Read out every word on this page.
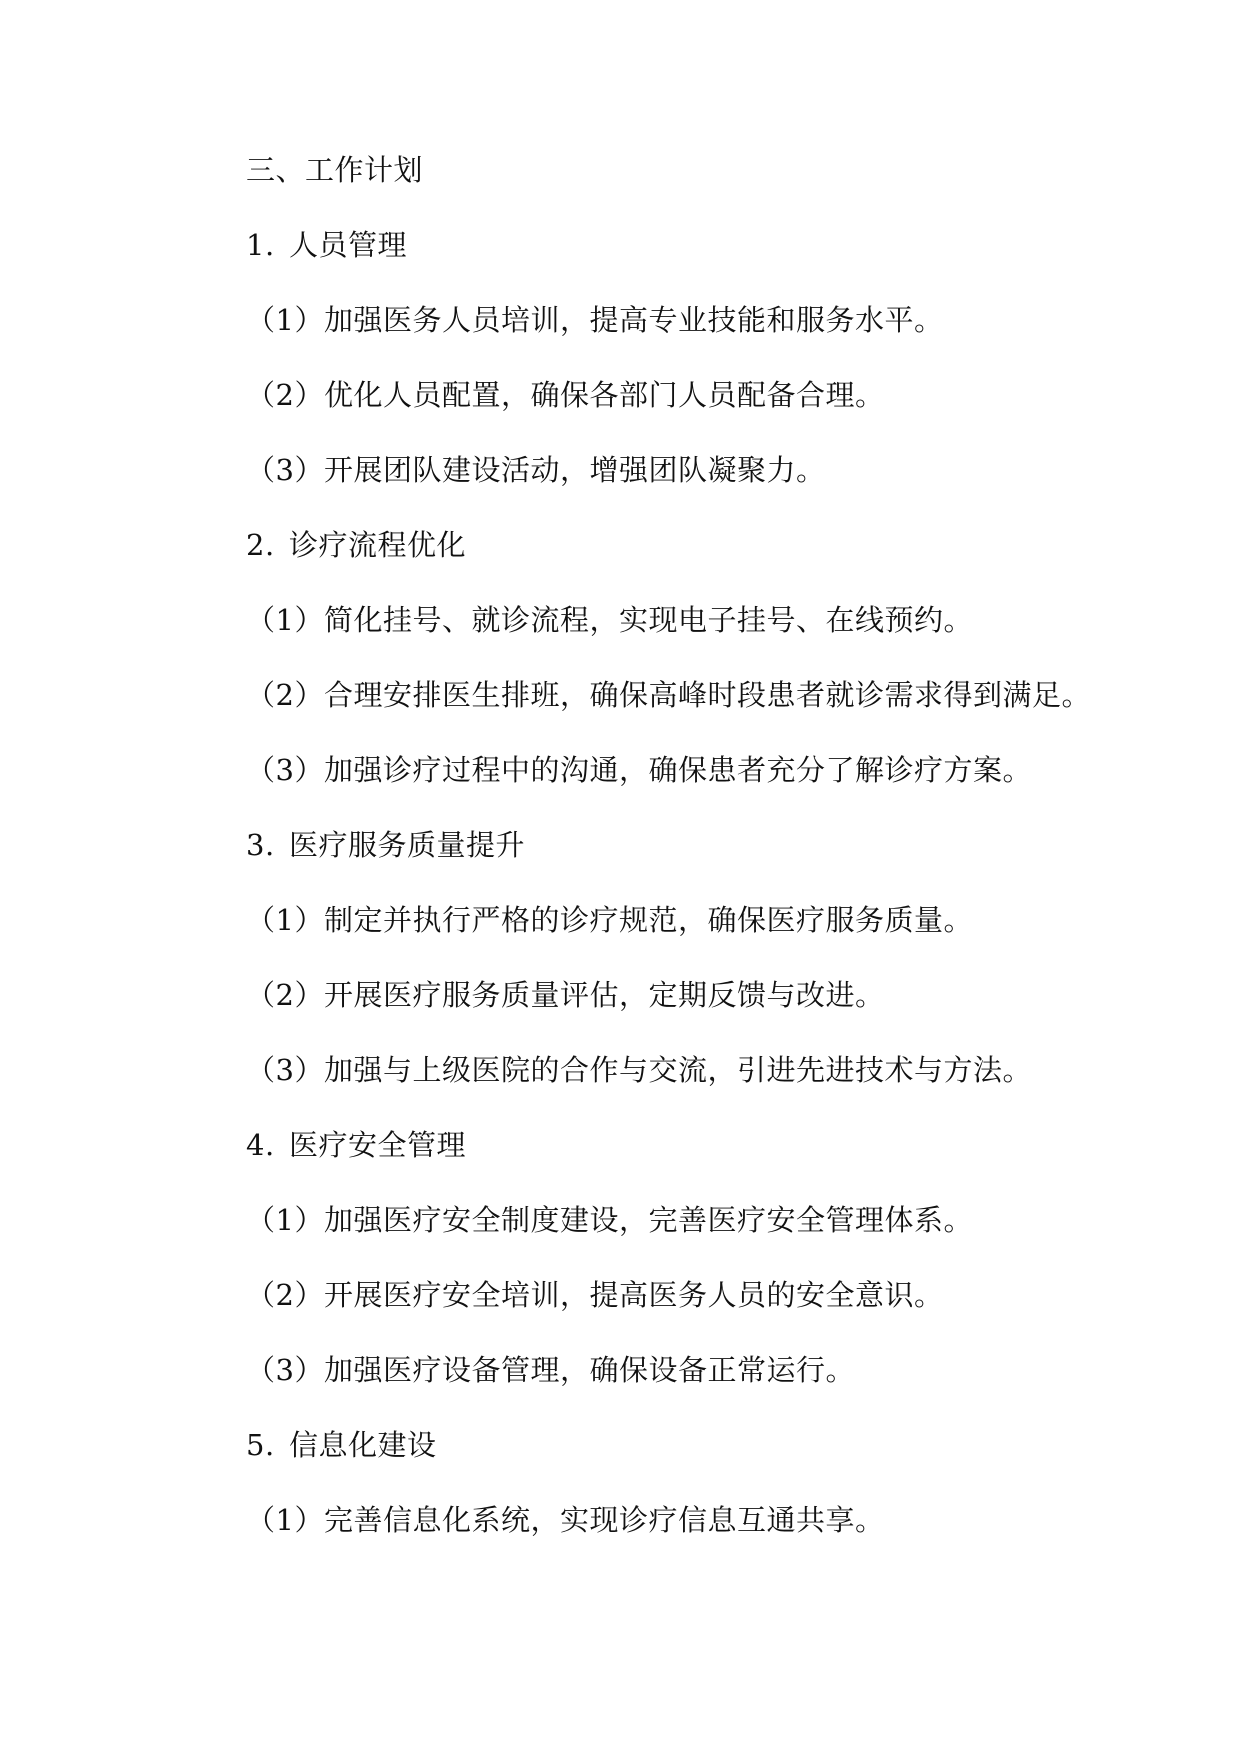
三、工作计划
1. 人员管理
（1）加强医务人员培训，提高专业技能和服务水平。
（2）优化人员配置，确保各部门人员配备合理。
（3）开展团队建设活动，增强团队凝聚力。
2. 诊疗流程优化
（1）简化挂号、就诊流程，实现电子挂号、在线预约。
（2）合理安排医生排班，确保高峰时段患者就诊需求得到满足。
（3）加强诊疗过程中的沟通，确保患者充分了解诊疗方案。
3. 医疗服务质量提升
（1）制定并执行严格的诊疗规范，确保医疗服务质量。
（2）开展医疗服务质量评估，定期反馈与改进。
（3）加强与上级医院的合作与交流，引进先进技术与方法。
4. 医疗安全管理
（1）加强医疗安全制度建设，完善医疗安全管理体系。
（2）开展医疗安全培训，提高医务人员的安全意识。
（3）加强医疗设备管理，确保设备正常运行。
5. 信息化建设
（1）完善信息化系统，实现诊疗信息互通共享。
